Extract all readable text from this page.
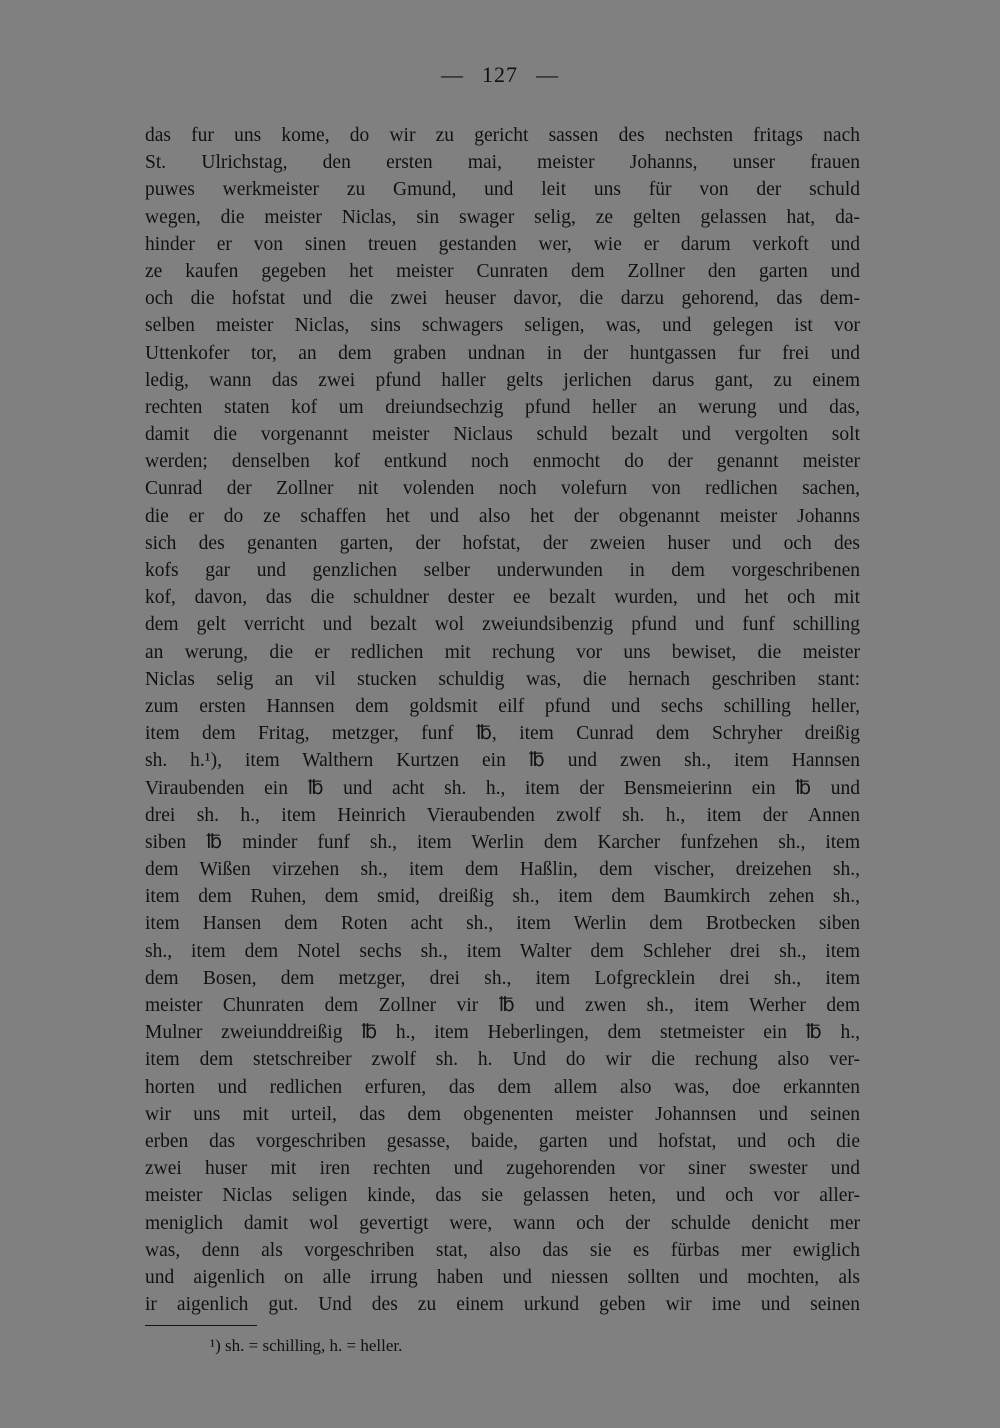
— 127 —
das fur uns kome, do wir zu gericht sassen des nechsten fritags nach
St. Ulrichstag, den ersten mai, meister Johanns, unser frauen
puwes werkmeister zu Gmund, und leit uns für von der schuld
wegen, die meister Niclas, sin swager selig, ze gelten gelassen hat, da-
hinder er von sinen treuen gestanden wer, wie er darum verkoft und
ze kaufen gegeben het meister Cunraten dem Zollner den garten und
och die hofstat und die zwei heuser davor, die darzu gehorend, das dem-
selben meister Niclas, sins schwagers seligen, was, und gelegen ist vor
Uttenkofer tor, an dem graben undnan in der huntgassen fur frei und
ledig, wann das zwei pfund haller gelts jerlichen darus gant, zu einem
rechten staten kof um dreiundsechzig pfund heller an werung und das,
damit die vorgenannt meister Niclaus schuld bezalt und vergolten solt
werden; denselben kof entkund noch enmocht do der genannt meister
Cunrad der Zollner nit volenden noch volefurn von redlichen sachen,
die er do ze schaffen het und also het der obgenannt meister Johanns
sich des genanten garten, der hofstat, der zweien huser und och des
kofs gar und genzlichen selber underwunden in dem vorgeschribenen
kof, davon, das die schuldner dester ee bezalt wurden, und het och mit
dem gelt verricht und bezalt wol zweiundsibenzig pfund und funf schilling
an werung, die er redlichen mit rechung vor uns bewiset, die meister
Niclas selig an vil stucken schuldig was, die hernach geschriben stant:
zum ersten Hannsen dem goldsmit eilf pfund und sechs schilling heller,
item dem Fritag, metzger, funf ℔, item Cunrad dem Schryher dreißig
sh. h.¹), item Walthern Kurtzen ein ℔ und zwen sh., item Hannsen
Viraubenden ein ℔ und acht sh. h., item der Bensmeierinn ein ℔ und
drei sh. h., item Heinrich Vieraubenden zwolf sh. h., item der Annen
siben ℔ minder funf sh., item Werlin dem Karcher funfzehen sh., item
dem Wißen virzehen sh., item dem Haßlin, dem vischer, dreizehen sh.,
item dem Ruhen, dem smid, dreißig sh., item dem Baumkirch zehen sh.,
item Hansen dem Roten acht sh., item Werlin dem Brotbecken siben
sh., item dem Notel sechs sh., item Walter dem Schleher drei sh., item
dem Bosen, dem metzger, drei sh., item Lofgrecklein drei sh., item
meister Chunraten dem Zollner vir ℔ und zwen sh., item Werher dem
Mulner zweiunddreißig ℔ h., item Heberlingen, dem stetmeister ein ℔ h.,
item dem stetschreiber zwolf sh. h. Und do wir die rechung also ver-
horten und redlichen erfuren, das dem allem also was, doe erkannten
wir uns mit urteil, das dem obgenenten meister Johannsen und seinen
erben das vorgeschriben gesasse, baide, garten und hofstat, und och die
zwei huser mit iren rechten und zugehorenden vor siner swester und
meister Niclas seligen kinde, das sie gelassen heten, und och vor aller-
meniglich damit wol gevertigt were, wann och der schulde denicht mer
was, denn als vorgeschriben stat, also das sie es fürbas mer ewiglich
und aigenlich on alle irrung haben und niessen sollten und mochten, als
ir aigenlich gut. Und des zu einem urkund geben wir ime und seinen
¹) sh. = schilling, h. = heller.
